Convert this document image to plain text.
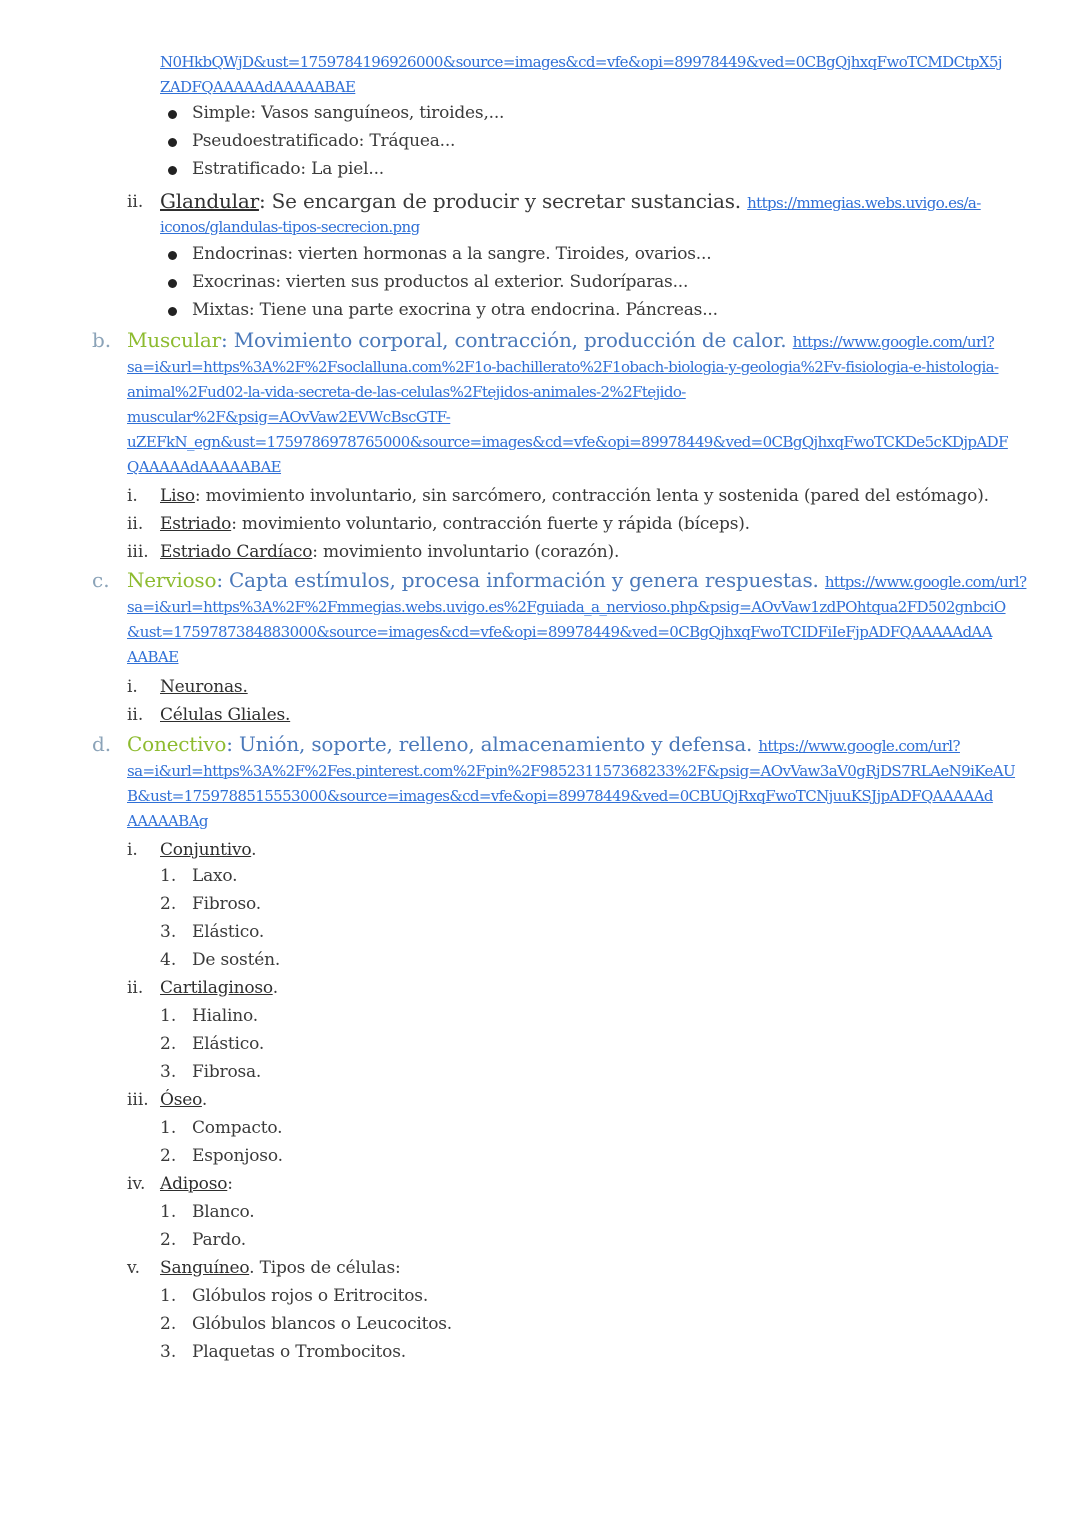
N0HkbQWjD&ust=1759784196926000&source=images&cd=vfe&opi=89978449&ved=0CBgQjhxqFwoTCMDCtpX5j
ZADFQAAAAAdAAAAABAE
Simple: Vasos sanguíneos, tiroides,...
Pseudoestratificado: Tráquea...
Estratificado: La piel...
ii. Glandular: Se encargan de producir y secretar sustancias. https://mmegias.webs.uvigo.es/a-
iconos/glandulas-tipos-secrecion.png
Endocrinas: vierten hormonas a la sangre. Tiroides, ovarios...
Exocrinas: vierten sus productos al exterior. Sudoríparas...
Mixtas: Tiene una parte exocrina y otra endocrina. Páncreas...
b. Muscular: Movimiento corporal, contracción, producción de calor. https://www.google.com/url?
sa=i&url=https%3A%2F%2Fsoclalluna.com%2F1o-bachillerato%2F1obach-biologia-y-geologia%2Fv-fisiologia-e-histologia-
animal%2Fud02-la-vida-secreta-de-las-celulas%2Ftejidos-animales-2%2Ftejido-
muscular%2F&psig=AOvVaw2EVWcBscGTF-
uZEFkN_egn&ust=1759786978765000&source=images&cd=vfe&opi=89978449&ved=0CBgQjhxqFwoTCKDe5cKDjpADF
QAAAAAdAAAAABAE
i. Liso: movimiento involuntario, sin sarcómero, contracción lenta y sostenida (pared del estómago).
ii. Estriado: movimiento voluntario, contracción fuerte y rápida (bíceps).
iii. Estriado Cardíaco: movimiento involuntario (corazón).
c. Nervioso: Capta estímulos, procesa información y genera respuestas. https://www.google.com/url?
sa=i&url=https%3A%2F%2Fmmegias.webs.uvigo.es%2Fguiada_a_nervioso.php&psig=AOvVaw1zdPOhtqua2FD502gnbciO
&ust=1759787384883000&source=images&cd=vfe&opi=89978449&ved=0CBgQjhxqFwoTCIDFiIeFjpADFQAAAAAdAA
AABAE
i. Neuronas.
ii. Células Gliales.
d. Conectivo: Unión, soporte, relleno, almacenamiento y defensa. https://www.google.com/url?
sa=i&url=https%3A%2F%2Fes.pinterest.com%2Fpin%2F985231157368233%2F&psig=AOvVaw3aV0gRjDS7RLAeN9iKeAU
B&ust=1759788515553000&source=images&cd=vfe&opi=89978449&ved=0CBUQjRxqFwoTCNjuuKSJjpADFQAAAAAd
AAAAABAg
i. Conjuntivo.
1. Laxo.
2. Fibroso.
3. Elástico.
4. De sostén.
ii. Cartilaginoso.
1. Hialino.
2. Elástico.
3. Fibrosa.
iii. Óseo.
1. Compacto.
2. Esponjoso.
iv. Adiposo:
1. Blanco.
2. Pardo.
v. Sanguíneo. Tipos de células:
1. Glóbulos rojos o Eritrocitos.
2. Glóbulos blancos o Leucocitos.
3. Plaquetas o Trombocitos.
